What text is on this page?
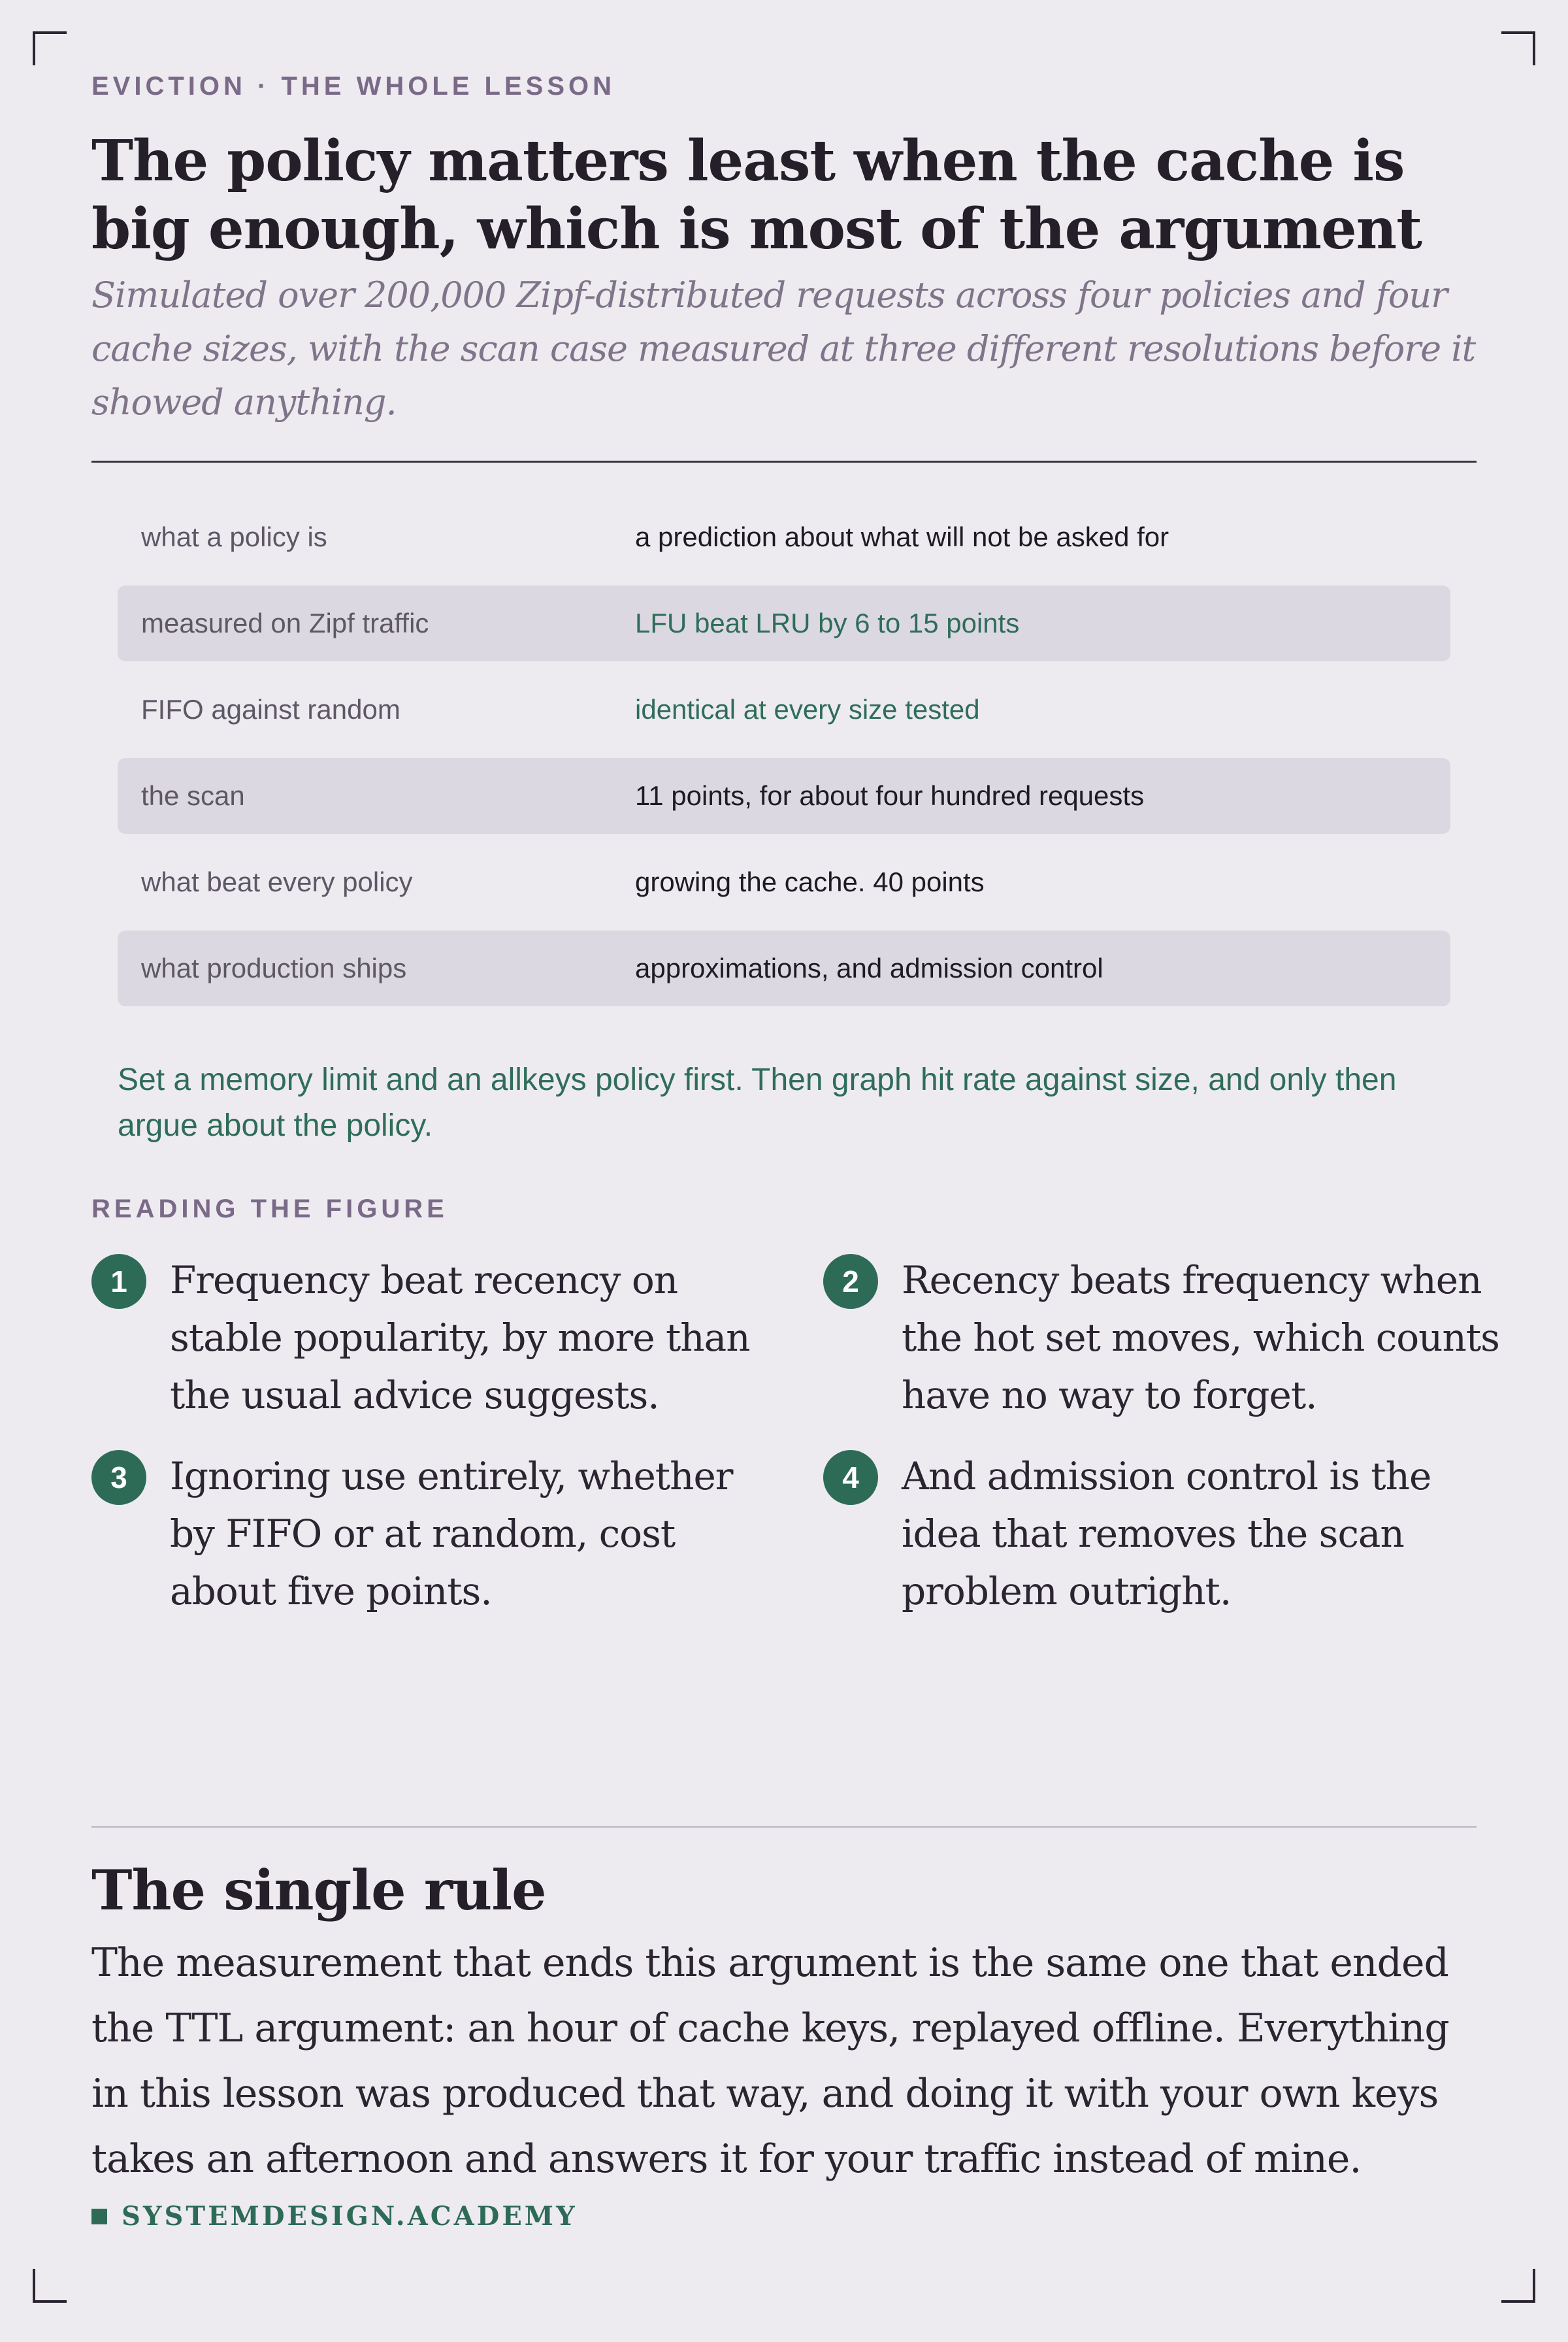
EVICTION · THE WHOLE LESSON

The policy matters least when the cache is big enough, which is most of the argument

Simulated over 200,000 Zipf-distributed requests across four policies and four cache sizes, with the scan case measured at three different resolutions before it showed anything.

what a policy is	a prediction about what will not be asked for
measured on Zipf traffic	LFU beat LRU by 6 to 15 points
FIFO against random	identical at every size tested
the scan	11 points, for about four hundred requests
what beat every policy	growing the cache. 40 points
what production ships	approximations, and admission control

Set a memory limit and an allkeys policy first. Then graph hit rate against size, and only then argue about the policy.

READING THE FIGURE
1	Frequency beat recency on stable popularity, by more than the usual advice suggests.
2	Recency beats frequency when the hot set moves, which counts have no way to forget.
3	Ignoring use entirely, whether by FIFO or at random, cost about five points.
4	And admission control is the idea that removes the scan problem outright.
The single rule
The measurement that ends this argument is the same one that ended the TTL argument: an hour of cache keys, replayed offline. Everything in this lesson was produced that way, and doing it with your own keys takes an afternoon and answers it for your traffic instead of mine.
SYSTEMDESIGN.ACADEMY
